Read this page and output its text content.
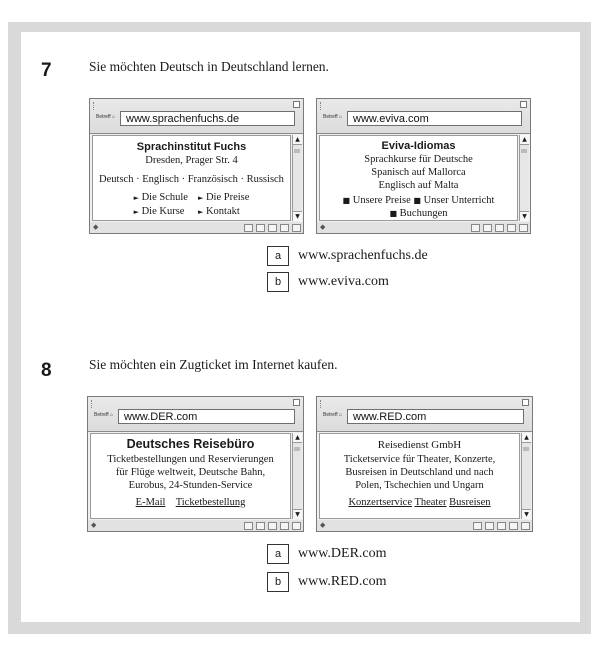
7	Sie möchten Deutsch in Deutschland lernen.
Betreff ⌂ www.sprachenfuchs.de
Sprachinstitut Fuchs
Dresden, Prager Str. 4
Deutsch · Englisch · Französisch · Russisch
► Die Schule
► Die Kurse
► Die Preise
► Kontakt
▲
▼
◆
Betreff ⌂ www.eviva.com
Eviva-Idiomas
Sprachkurse für Deutsche
Spanisch auf Mallorca
Englisch auf Malta
■ Unsere Preise ■ Unser Unterricht
■ Buchungen
▲
▼
◆
a	www.sprachenfuchs.de
b	www.eviva.com
8	Sie möchten ein Zugticket im Internet kaufen.
Betreff ⌂ www.DER.com
Deutsches Reisebüro
Ticketbestellungen und Reservierungen
für Flüge weltweit, Deutsche Bahn,
Eurobus, 24-Stunden-Service
E-Mail Ticketbestellung
▲
▼
◆
Betreff ⌂ www.RED.com
Reisedienst GmbH
Ticketservice für Theater, Konzerte,
Busreisen in Deutschland und nach
Polen, Tschechien und Ungarn
Konzertservice Theater Busreisen
▲
▼
◆
a	www.DER.com
b	www.RED.com
